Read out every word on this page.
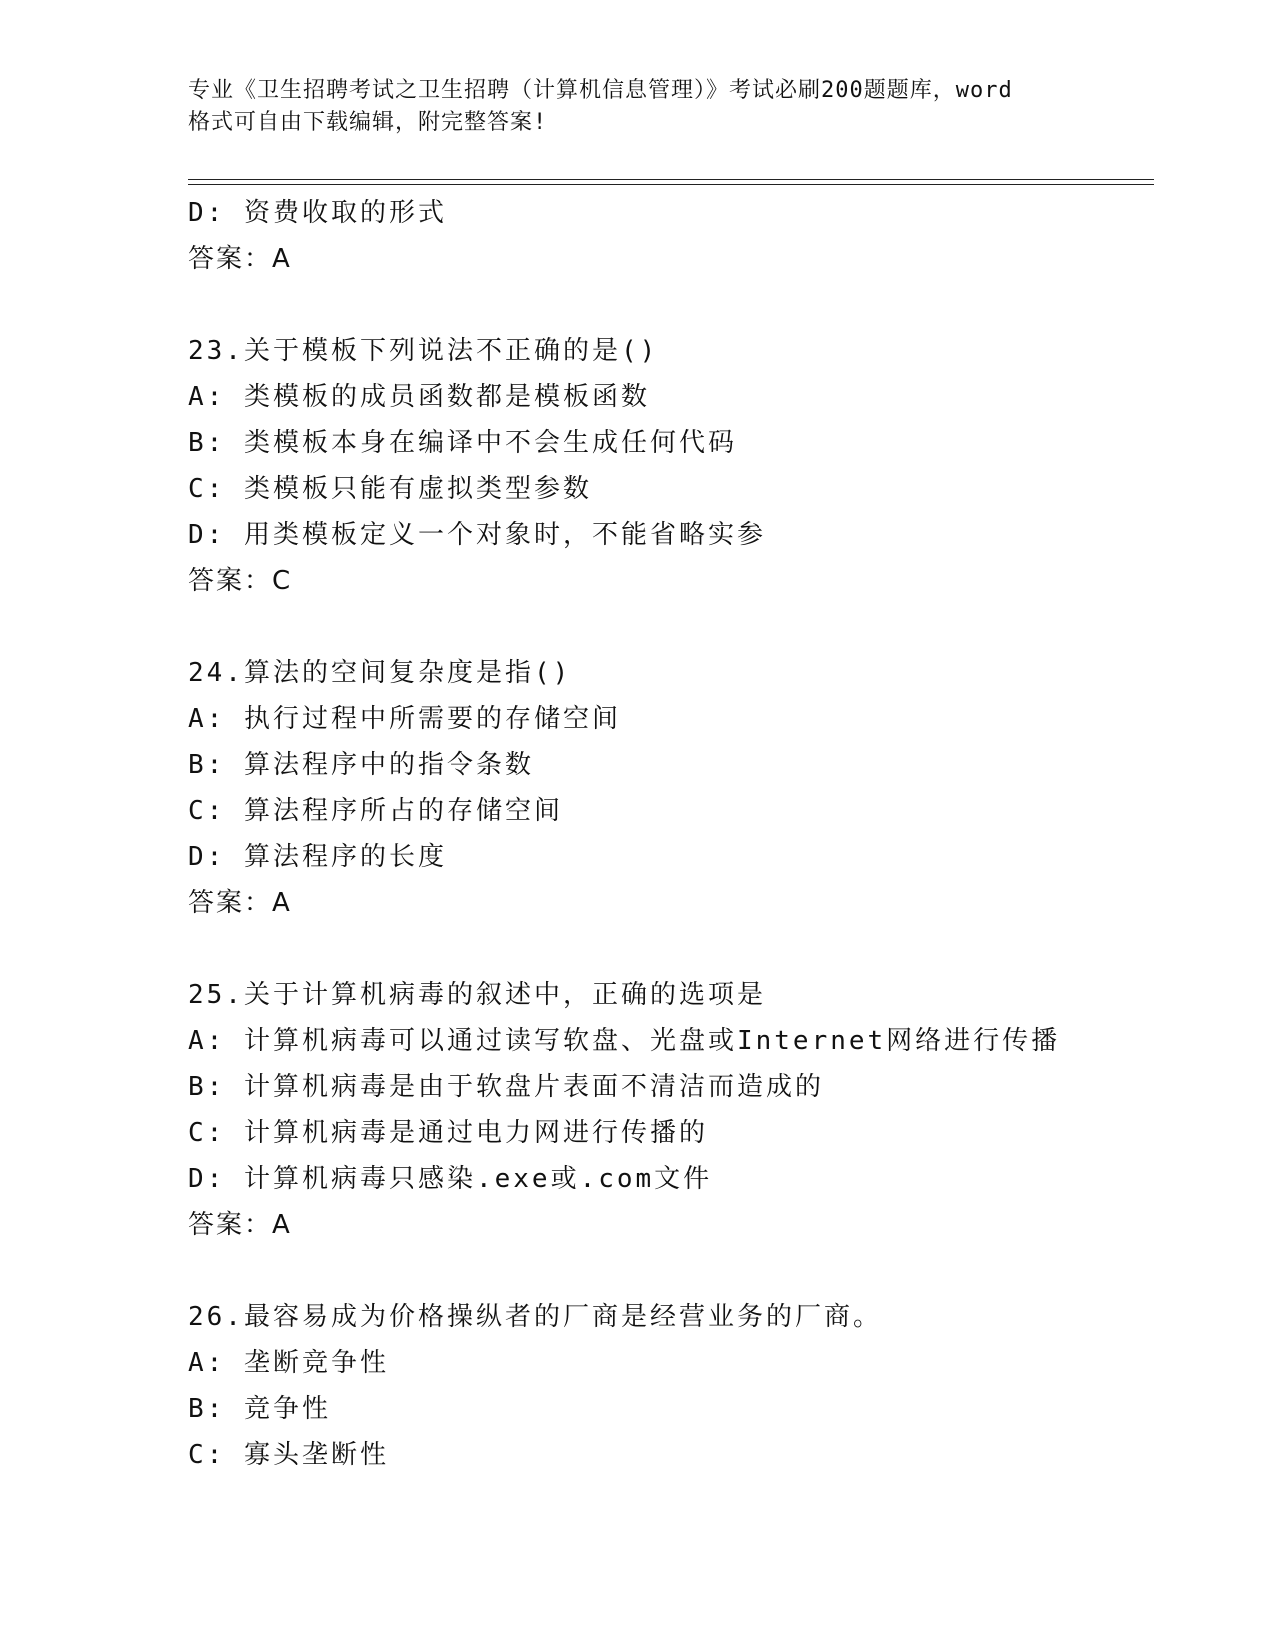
专业《卫生招聘考试之卫生招聘（计算机信息管理）》考试必刷200题题库，word
格式可自由下载编辑，附完整答案!
D: 资费收取的形式
答案：A
23.关于模板下列说法不正确的是()
A: 类模板的成员函数都是模板函数
B: 类模板本身在编译中不会生成任何代码
C: 类模板只能有虚拟类型参数
D: 用类模板定义一个对象时，不能省略实参
答案：C
24.算法的空间复杂度是指()
A: 执行过程中所需要的存储空间
B: 算法程序中的指令条数
C: 算法程序所占的存储空间
D: 算法程序的长度
答案：A
25.关于计算机病毒的叙述中，正确的选项是
A: 计算机病毒可以通过读写软盘、光盘或Internet网络进行传播
B: 计算机病毒是由于软盘片表面不清洁而造成的
C: 计算机病毒是通过电力网进行传播的
D: 计算机病毒只感染.exe或.com文件
答案：A
26.最容易成为价格操纵者的厂商是经营业务的厂商。
A: 垄断竞争性
B: 竞争性
C: 寡头垄断性
